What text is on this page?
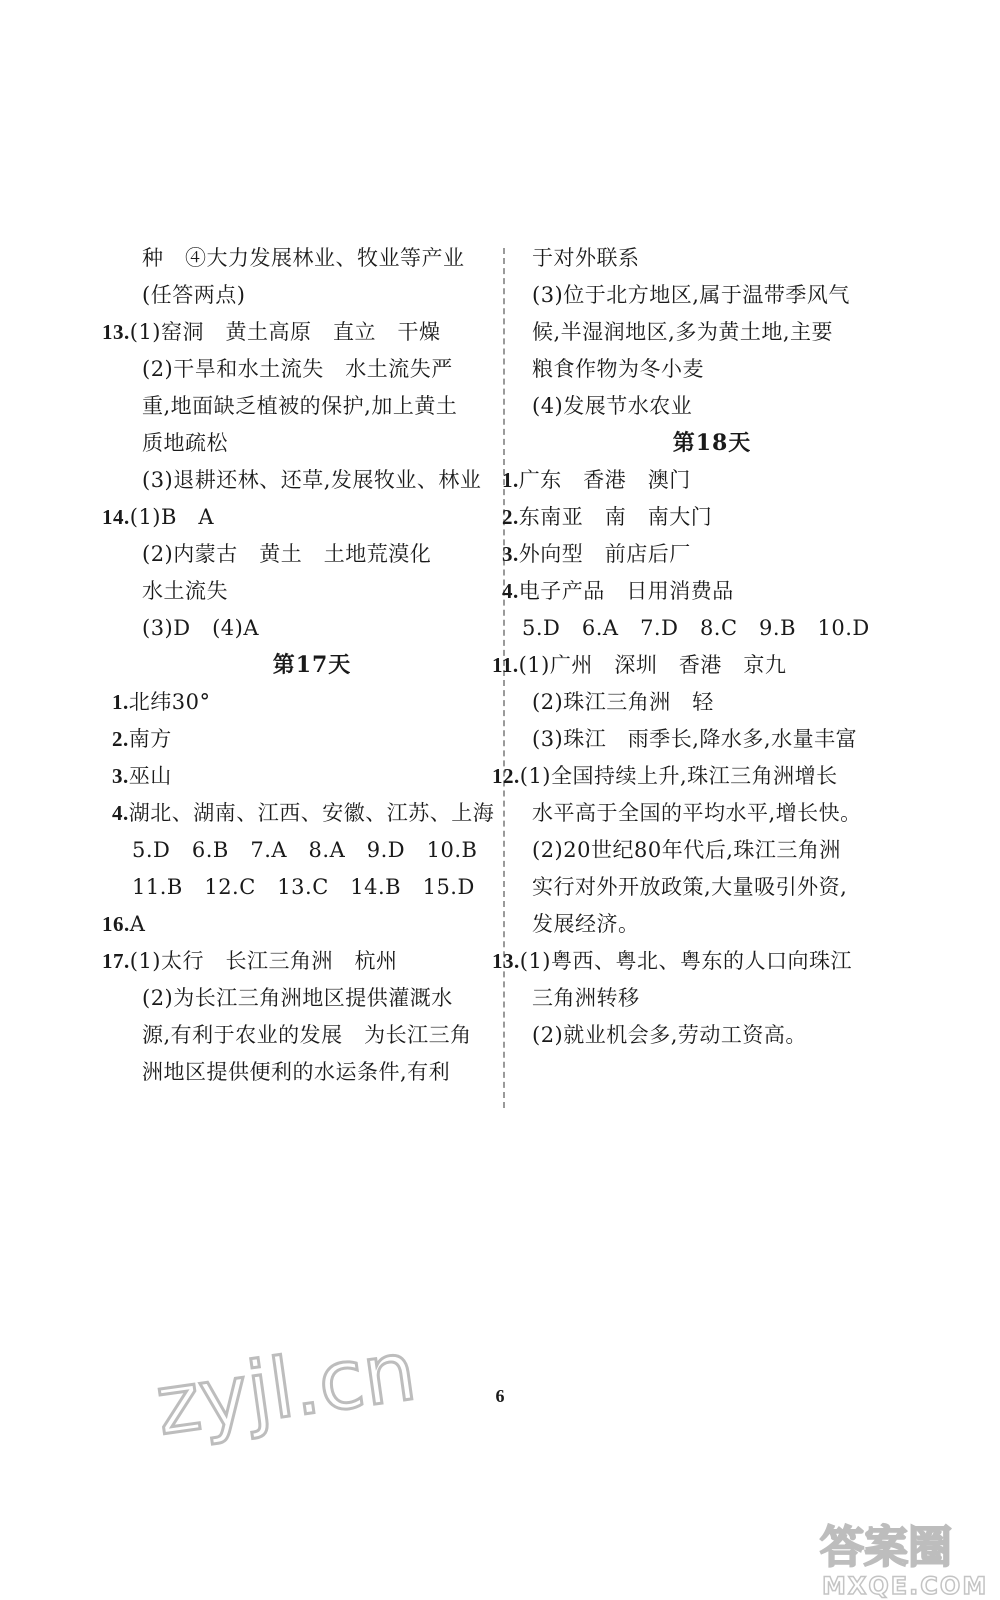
种　④大力发展林业、牧业等产业
(任答两点)
13.(1)窑洞　黄土高原　直立　干燥
(2)干旱和水土流失　水土流失严
重,地面缺乏植被的保护,加上黄土
质地疏松
(3)退耕还林、还草,发展牧业、林业
14.(1)B　A
(2)内蒙古　黄土　土地荒漠化
水土流失
(3)D　(4)A
第17天
1.北纬30°
2.南方
3.巫山
4.湖北、湖南、江西、安徽、江苏、上海
5.D　6.B　7.A　8.A　9.D　10.B
11.B　12.C　13.C　14.B　15.D
16.A
17.(1)太行　长江三角洲　杭州
(2)为长江三角洲地区提供灌溉水
源,有利于农业的发展　为长江三角
洲地区提供便利的水运条件,有利
于对外联系
(3)位于北方地区,属于温带季风气
候,半湿润地区,多为黄土地,主要
粮食作物为冬小麦
(4)发展节水农业
第18天
1.广东　香港　澳门
2.东南亚　南　南大门
3.外向型　前店后厂
4.电子产品　日用消费品
5.D　6.A　7.D　8.C　9.B　10.D
11.(1)广州　深圳　香港　京九
(2)珠江三角洲　轻
(3)珠江　雨季长,降水多,水量丰富
12.(1)全国持续上升,珠江三角洲增长
水平高于全国的平均水平,增长快。
(2)20世纪80年代后,珠江三角洲
实行对外开放政策,大量吸引外资,
发展经济。
13.(1)粤西、粤北、粤东的人口向珠江
三角洲转移
(2)就业机会多,劳动工资高。
6
zyjl.cn
答案圈
MXQE.COM
